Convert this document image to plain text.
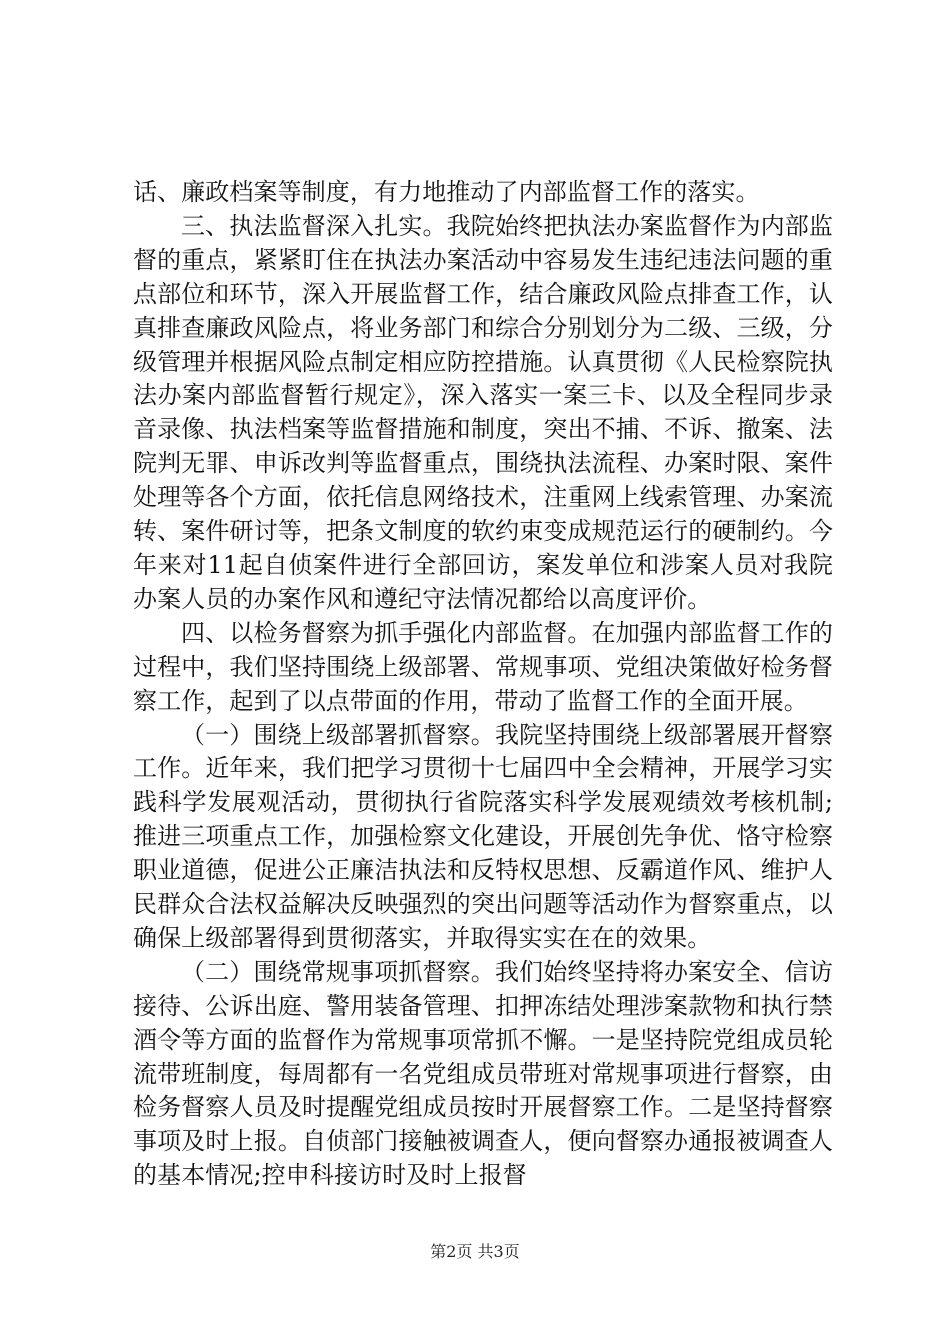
话、廉政档案等制度，有力地推动了内部监督工作的落实。

三、执法监督深入扎实。我院始终把执法办案监督作为内部监督的重点，紧紧盯住在执法办案活动中容易发生违纪违法问题的重点部位和环节，深入开展监督工作，结合廉政风险点排查工作，认真排查廉政风险点，将业务部门和综合分别划分为二级、三级，分级管理并根据风险点制定相应防控措施。认真贯彻《人民检察院执法办案内部监督暂行规定》，深入落实一案三卡、以及全程同步录音录像、执法档案等监督措施和制度，突出不捕、不诉、撤案、法院判无罪、申诉改判等监督重点，围绕执法流程、办案时限、案件处理等各个方面，依托信息网络技术，注重网上线索管理、办案流转、案件研讨等，把条文制度的软约束变成规范运行的硬制约。今年来对11起自侦案件进行全部回访，案发单位和涉案人员对我院办案人员的办案作风和遵纪守法情况都给以高度评价。

四、以检务督察为抓手强化内部监督。在加强内部监督工作的过程中，我们坚持围绕上级部署、常规事项、党组决策做好检务督察工作，起到了以点带面的作用，带动了监督工作的全面开展。

（一）围绕上级部署抓督察。我院坚持围绕上级部署展开督察工作。近年来，我们把学习贯彻十七届四中全会精神，开展学习实践科学发展观活动，贯彻执行省院落实科学发展观绩效考核机制;推进三项重点工作，加强检察文化建设，开展创先争优、恪守检察职业道德，促进公正廉洁执法和反特权思想、反霸道作风、维护人民群众合法权益解决反映强烈的突出问题等活动作为督察重点，以确保上级部署得到贯彻落实，并取得实实在在的效果。

（二）围绕常规事项抓督察。我们始终坚持将办案安全、信访接待、公诉出庭、警用装备管理、扣押冻结处理涉案款物和执行禁酒令等方面的监督作为常规事项常抓不懈。一是坚持院党组成员轮流带班制度，每周都有一名党组成员带班对常规事项进行督察，由检务督察人员及时提醒党组成员按时开展督察工作。二是坚持督察事项及时上报。自侦部门接触被调查人，便向督察办通报被调查人的基本情况;控申科接访时及时上报督

第2页 共3页
